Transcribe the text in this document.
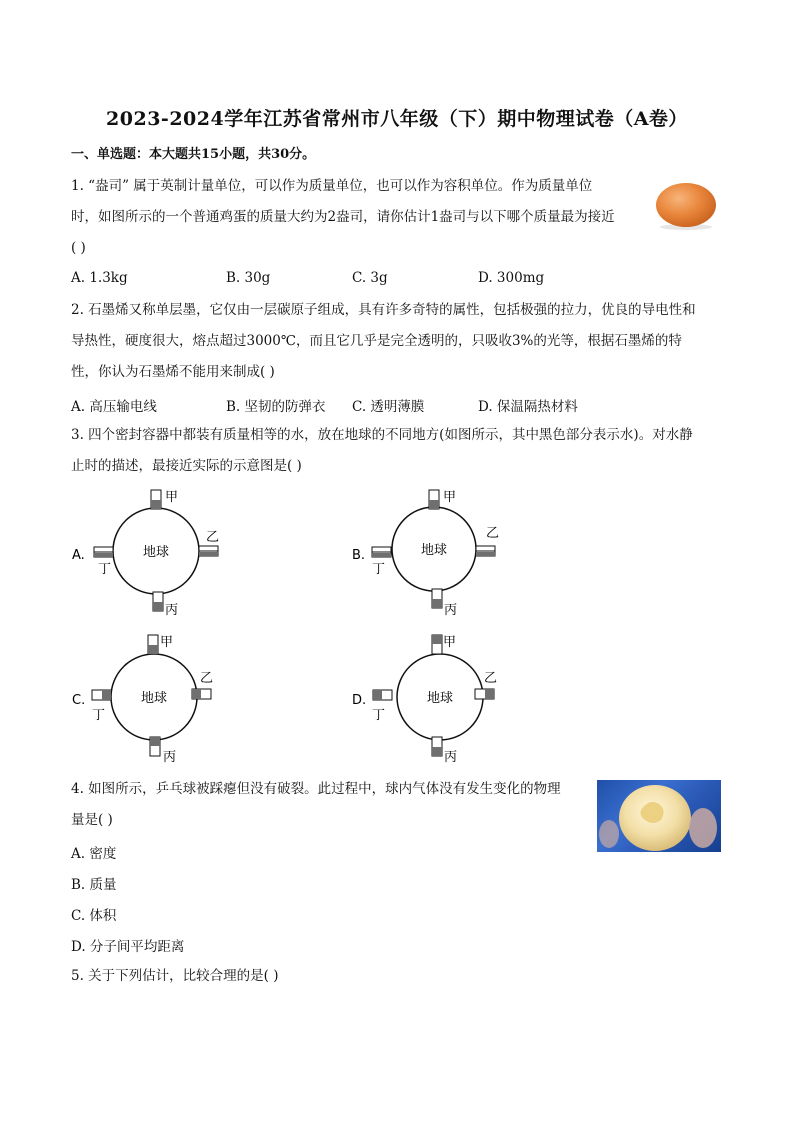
2023-2024学年江苏省常州市八年级（下）期中物理试卷（A卷）
一、单选题：本大题共15小题，共30分。
1. “盎司” 属于英制计量单位，可以作为质量单位，也可以作为容积单位。作为质量单位
时，如图所示的一个普通鸡蛋的质量大约为2盎司，请你估计1盎司与以下哪个质量最为接近
( )
A. 1.3kg	B. 30g	C. 3g	D. 300mg
2. 石墨烯又称单层墨，它仅由一层碳原子组成，具有许多奇特的属性，包括极强的拉力，优良的导电性和
导热性，硬度很大，熔点超过3000℃，而且它几乎是完全透明的，只吸收3%的光等，根据石墨烯的特
性，你认为石墨烯不能用来制成( )
A. 高压输电线	B. 坚韧的防弹衣 C. 透明薄膜	D. 保温隔热材料
3. 四个密封容器中都装有质量相等的水，放在地球的不同地方(如图所示，其中黑色部分表示水)。对水静
止时的描述，最接近实际的示意图是( )
A.	地球
甲
乙
丙
丁
B.	地球
甲
乙
丙
丁
C.	地球
甲
乙
丙
丁
D.	地球
甲
乙
丙
丁
4. 如图所示，乒乓球被踩瘪但没有破裂。此过程中，球内气体没有发生变化的物理
量是( )
A. 密度
B. 质量
C. 体积
D. 分子间平均距离
5. 关于下列估计，比较合理的是( )
